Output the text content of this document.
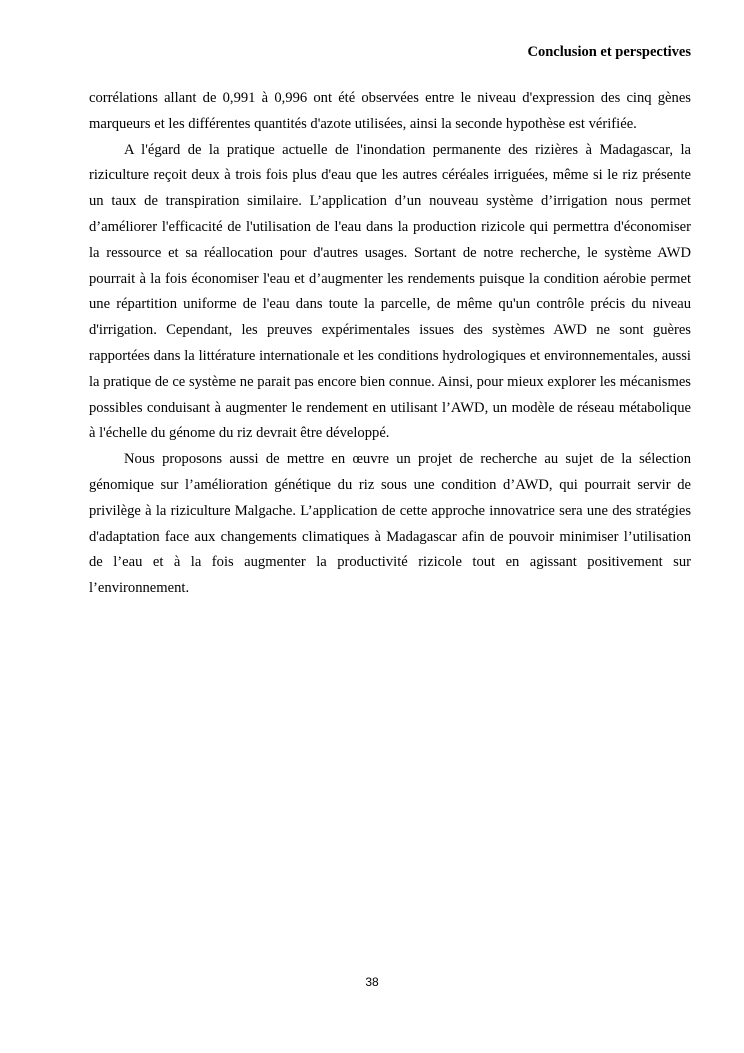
Conclusion et perspectives

corrélations allant de 0,991 à 0,996 ont été observées entre le niveau d'expression des cinq gènes marqueurs et les différentes quantités d'azote utilisées, ainsi la seconde hypothèse est vérifiée.

A l'égard de la pratique actuelle de l'inondation permanente des rizières à Madagascar, la riziculture reçoit deux à trois fois plus d'eau que les autres céréales irriguées, même si le riz présente un taux de transpiration similaire. L’application d’un nouveau système d’irrigation nous permet d’améliorer l'efficacité de l'utilisation de l'eau dans la production rizicole qui permettra d'économiser la ressource et sa réallocation pour d'autres usages. Sortant de notre recherche, le système AWD pourrait à la fois économiser l'eau et d’augmenter les rendements puisque la condition aérobie permet une répartition uniforme de l'eau dans toute la parcelle, de même qu'un contrôle précis du niveau d'irrigation. Cependant, les preuves expérimentales issues des systèmes AWD ne sont guères rapportées dans la littérature internationale et les conditions hydrologiques et environnementales, aussi la pratique de ce système ne parait pas encore bien connue. Ainsi, pour mieux explorer les mécanismes possibles conduisant à augmenter le rendement en utilisant l’AWD, un modèle de réseau métabolique à l'échelle du génome du riz devrait être développé.

Nous proposons aussi de mettre en œuvre un projet de recherche au sujet de la sélection génomique sur l’amélioration génétique du riz sous une condition d’AWD, qui pourrait servir de privilège à la riziculture Malgache. L’application de cette approche innovatrice sera une des stratégies d'adaptation face aux changements climatiques à Madagascar afin de pouvoir minimiser l’utilisation de l’eau et à la fois augmenter la productivité rizicole tout en agissant positivement sur l’environnement.

38
